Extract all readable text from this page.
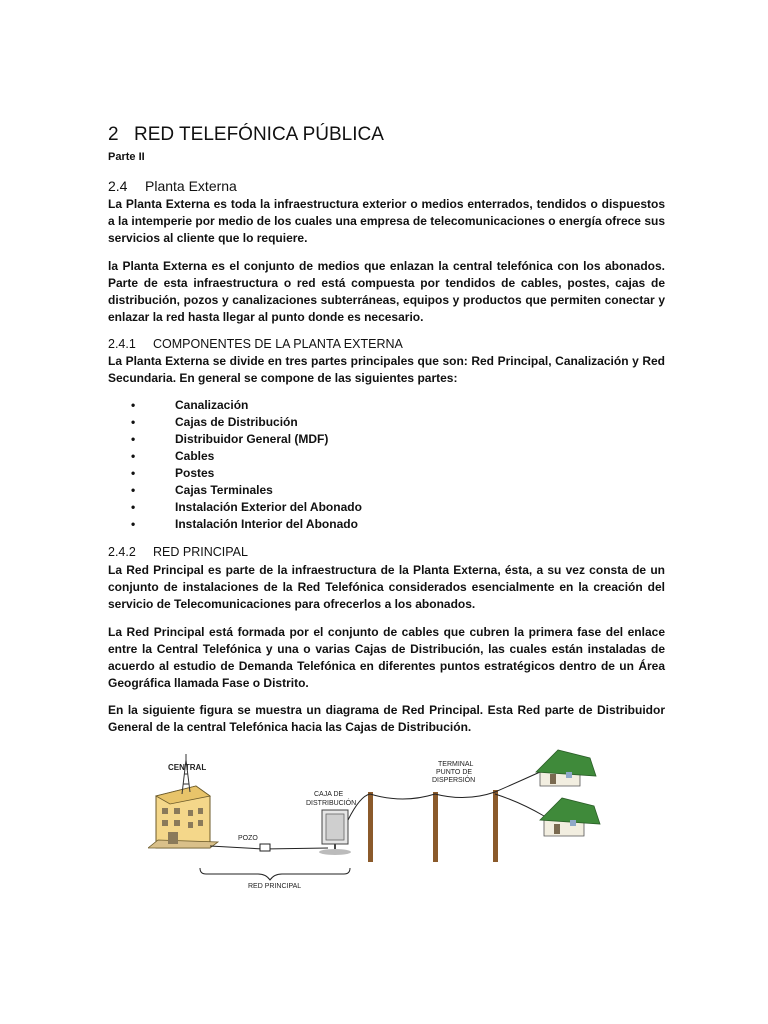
2 RED TELEFÓNICA PÚBLICA
Parte II
2.4 Planta Externa

La Planta Externa es toda la infraestructura exterior o medios enterrados, tendidos o dispuestos a la intemperie por medio de los cuales una empresa de telecomunicaciones o energía ofrece sus servicios al cliente que lo requiere.

la Planta Externa es el conjunto de medios que enlazan la central telefónica con los abonados. Parte de esta infraestructura o red está compuesta por tendidos de cables, postes, cajas de distribución, pozos y canalizaciones subterráneas, equipos y productos que permiten conectar y enlazar la red hasta llegar al punto donde es necesario.

2.4.1 COMPONENTES DE LA PLANTA EXTERNA

La Planta Externa se divide en tres partes principales que son: Red Principal, Canalización y Red Secundaria. En general se compone de las siguientes partes:

•	Canalización
•	Cajas de Distribución
•	Distribuidor General (MDF)
•	Cables
•	Postes
•	Cajas Terminales
•	Instalación Exterior del Abonado
•	Instalación Interior del Abonado
2.4.2 RED PRINCIPAL

La Red Principal es parte de la infraestructura de la Planta Externa, ésta, a su vez consta de un conjunto de instalaciones de la Red Telefónica considerados esencialmente en la creación del servicio de Telecomunicaciones para ofrecerlos a los abonados.

La Red Principal está formada por el conjunto de cables que cubren la primera fase del enlace entre la Central Telefónica y una o varias Cajas de Distribución, las cuales están instaladas de acuerdo al estudio de Demanda Telefónica en diferentes puntos estratégicos dentro de un Área Geográfica llamada Fase o Distrito.

En la siguiente figura se muestra un diagrama de Red Principal. Esta Red parte de Distribuidor General de la central Telefónica hacia las Cajas de Distribución.

CENTRAL
POZO
CAJA DE
DISTRIBUCIÓN
TERMINAL
PUNTO DE
DISPERSIÓN
RED PRINCIPAL
